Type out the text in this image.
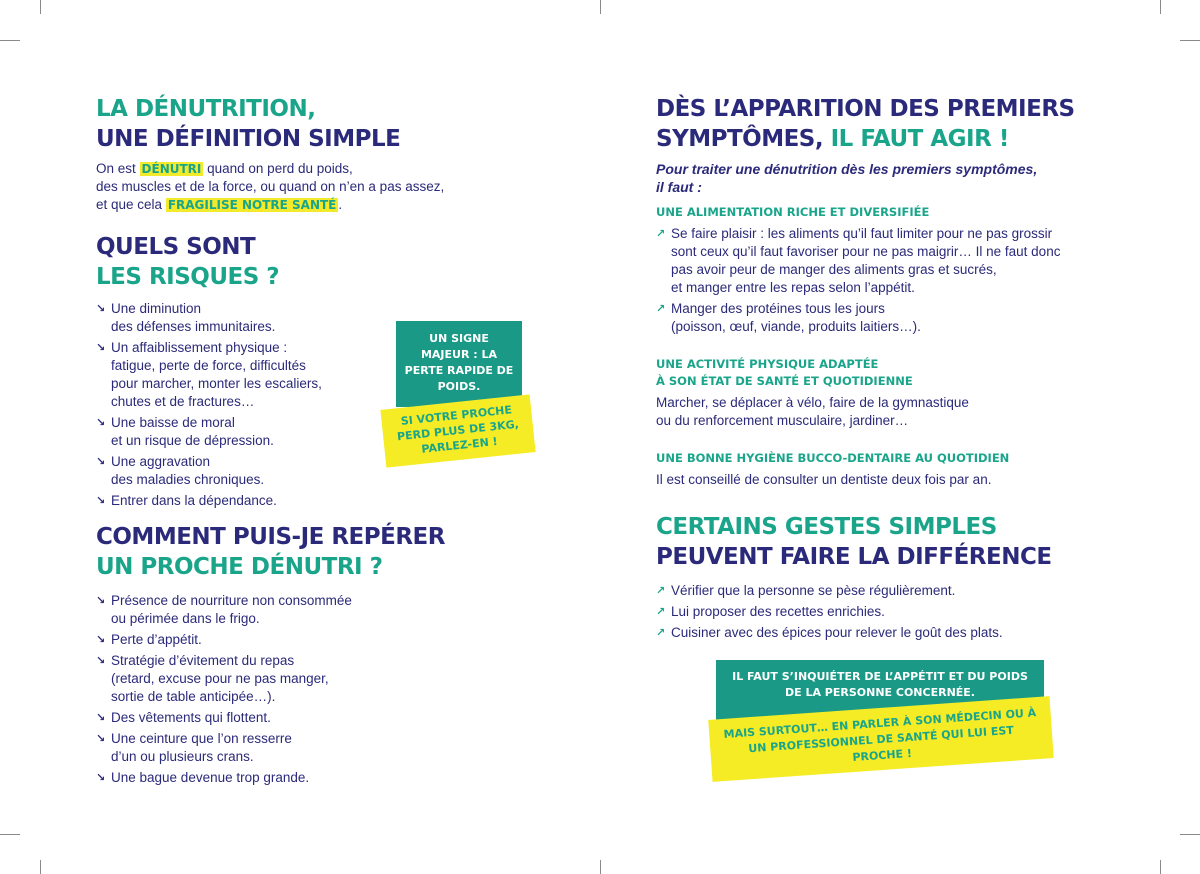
LA DÉNUTRITION,
UNE DÉFINITION SIMPLE

On est DÉNUTRI quand on perd du poids,
des muscles et de la force, ou quand on n’en a pas assez,
et que cela FRAGILISE NOTRE SANTÉ .

QUELS SONT
LES RISQUES ?
↘ Une diminution
des défenses immunitaires.
↘ Un affaiblissement physique :
fatigue, perte de force, difficultés
pour marcher, monter les escaliers,
chutes et de fractures…
↘ Une baisse de moral
et un risque de dépression.
↘ Une aggravation
des maladies chroniques.
↘ Entrer dans la dépendance.
UN SIGNE MAJEUR : LA PERTE RAPIDE DE POIDS.
SI VOTRE PROCHE PERD PLUS DE 3KG, PARLEZ-EN !
COMMENT PUIS-JE REPÉRER
UN PROCHE DÉNUTRI ?
↘ Présence de nourriture non consommée
ou périmée dans le frigo.
↘ Perte d’appétit.
↘ Stratégie d’évitement du repas
(retard, excuse pour ne pas manger,
sortie de table anticipée…).
↘ Des vêtements qui flottent.
↘ Une ceinture que l’on resserre
d’un ou plusieurs crans.
↘ Une bague devenue trop grande.
DÈS L’APPARITION DES PREMIERS
SYMPTÔMES, IL FAUT AGIR !

Pour traiter une dénutrition dès les premiers symptômes,
il faut :

UNE ALIMENTATION RICHE ET DIVERSIFIÉE

↗ Se faire plaisir : les aliments qu’il faut limiter pour ne pas grossir
sont ceux qu’il faut favoriser pour ne pas maigrir… Il ne faut donc
pas avoir peur de manger des aliments gras et sucrés,
et manger entre les repas selon l’appétit.
↗ Manger des protéines tous les jours
(poisson, œuf, viande, produits laitiers…).

UNE ACTIVITÉ PHYSIQUE ADAPTÉE
À SON ÉTAT DE SANTÉ ET QUOTIDIENNE

Marcher, se déplacer à vélo, faire de la gymnastique
ou du renforcement musculaire, jardiner…

UNE BONNE HYGIÈNE BUCCO-DENTAIRE AU QUOTIDIEN

Il est conseillé de consulter un dentiste deux fois par an.

CERTAINS GESTES SIMPLES
PEUVENT FAIRE LA DIFFÉRENCE
↗ Vérifier que la personne se pèse régulièrement.
↗ Lui proposer des recettes enrichies.
↗ Cuisiner avec des épices pour relever le goût des plats.
IL FAUT S’INQUIÉTER DE L’APPÉTIT ET DU POIDS DE LA PERSONNE CONCERNÉE.
MAIS SURTOUT… EN PARLER À SON MÉDECIN OU À UN PROFESSIONNEL DE SANTÉ QUI LUI EST PROCHE !
